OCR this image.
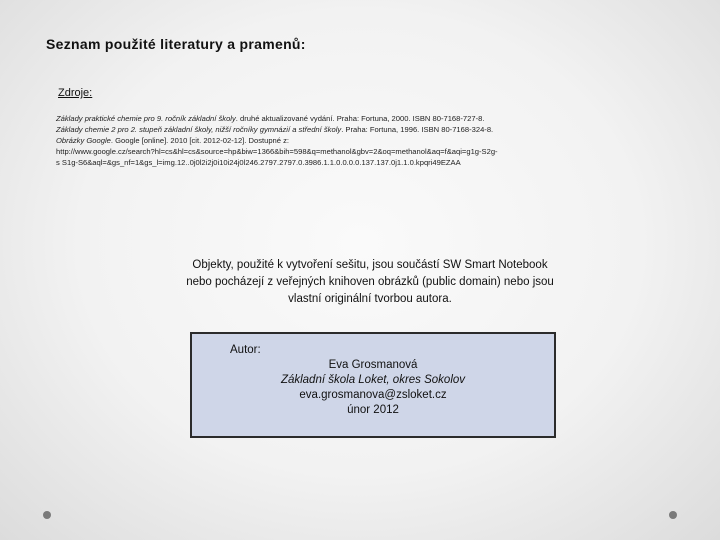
Seznam použité literatury a pramenů:
Zdroje:
Základy praktické chemie pro 9. ročník základní školy. druhé aktualizované vydání. Praha: Fortuna, 2000. ISBN 80-7168-727-8.
Základy chemie 2 pro 2. stupeň základní školy, nižší ročníky gymnázií a střední školy. Praha: Fortuna, 1996. ISBN 80-7168-324-8.
Obrázky Google. Google [online]. 2010 [cit. 2012-02-12]. Dostupné z:
http://www.google.cz/search?hl=cs&hl=cs&source=hp&biw=1366&bih=598&q=methanol&gbv=2&oq=methanol&aq=f&aqi=g1g-S2g-
s S1g-S6&aql=&gs_nf=1&gs_l=img.12..0j0l2i2j0i10i24j0l246.2797.2797.0.3986.1.1.0.0.0.0.137.137.0j1.1.0.kpqri49EZAA
Objekty, použité k vytvoření sešitu, jsou součástí SW Smart Notebook
nebo pocházejí z veřejných knihoven obrázků (public domain) nebo jsou
vlastní originální tvorbou autora.
Autor:
Eva Grosmanová
Základní škola Loket, okres Sokolov
eva.grosmanova@zsloket.cz
únor 2012
